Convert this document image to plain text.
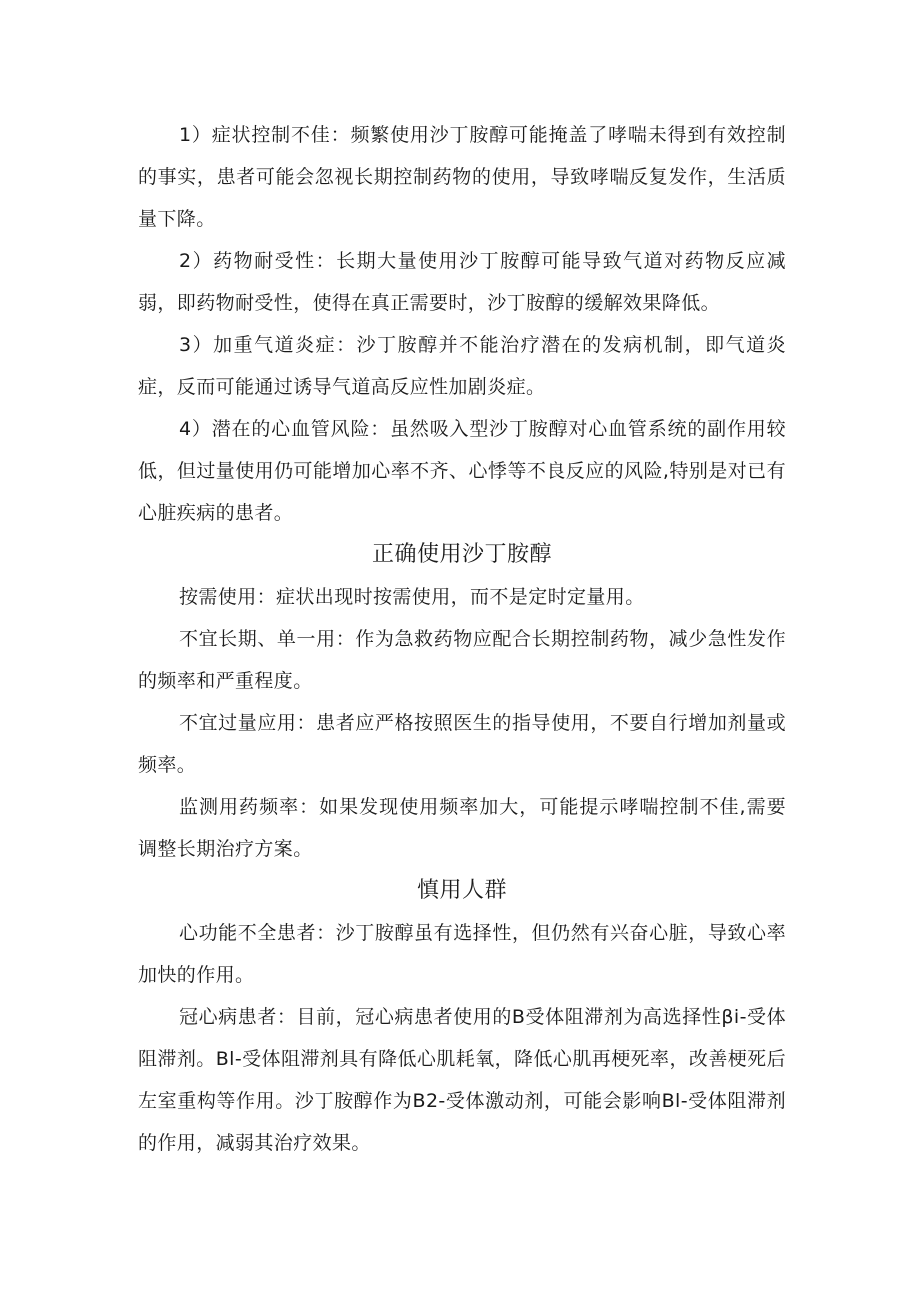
1）症状控制不佳：频繁使用沙丁胺醇可能掩盖了哮喘未得到有效控制的事实，患者可能会忽视长期控制药物的使用，导致哮喘反复发作，生活质量下降。

2）药物耐受性：长期大量使用沙丁胺醇可能导致气道对药物反应减弱，即药物耐受性，使得在真正需要时，沙丁胺醇的缓解效果降低。

3）加重气道炎症：沙丁胺醇并不能治疗潜在的发病机制，即气道炎症，反而可能通过诱导气道高反应性加剧炎症。

4）潜在的心血管风险：虽然吸入型沙丁胺醇对心血管系统的副作用较低，但过量使用仍可能增加心率不齐、心悸等不良反应的风险,特别是对已有心脏疾病的患者。

正确使用沙丁胺醇

按需使用：症状出现时按需使用，而不是定时定量用。

不宜长期、单一用：作为急救药物应配合长期控制药物，减少急性发作的频率和严重程度。

不宜过量应用：患者应严格按照医生的指导使用，不要自行增加剂量或频率。

监测用药频率：如果发现使用频率加大，可能提示哮喘控制不佳,需要调整长期治疗方案。

慎用人群

心功能不全患者：沙丁胺醇虽有选择性，但仍然有兴奋心脏，导致心率加快的作用。

冠心病患者：目前，冠心病患者使用的B受体阻滞剂为高选择性βi-受体阻滞剂。Bl-受体阻滞剂具有降低心肌耗氧，降低心肌再梗死率，改善梗死后左室重构等作用。沙丁胺醇作为B2-受体激动剂，可能会影响Bl-受体阻滞剂的作用，减弱其治疗效果。
